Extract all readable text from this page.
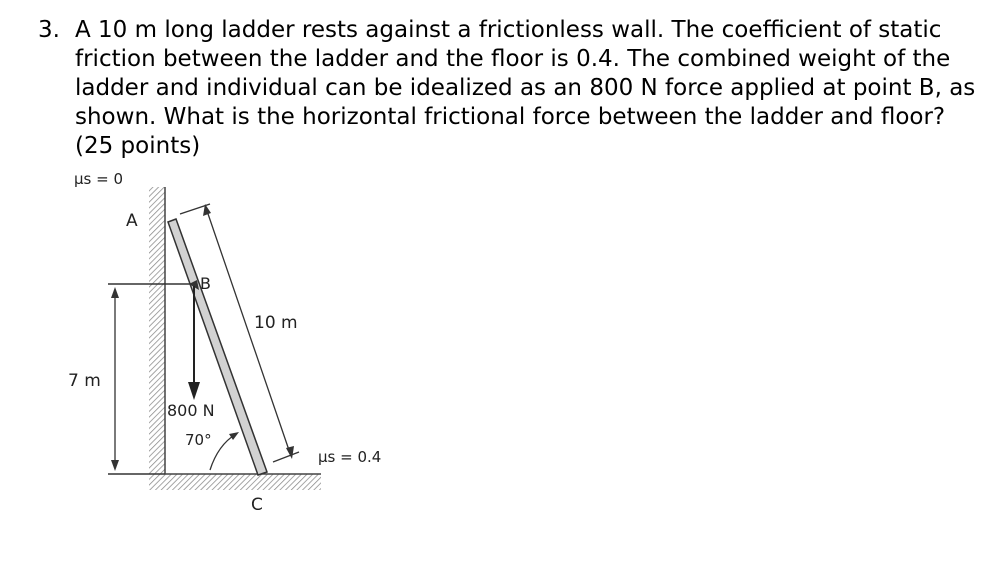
3. A 10 m long ladder rests against a frictionless wall. The coefficient of static friction between the ladder and the floor is 0.4. The combined weight of the ladder and individual can be idealized as an 800 N force applied at point B, as shown. What is the horizontal frictional force between the ladder and floor? (25 points)
μs = 0
A
B
10 m
7 m
800 N
70°
μs = 0.4
C
